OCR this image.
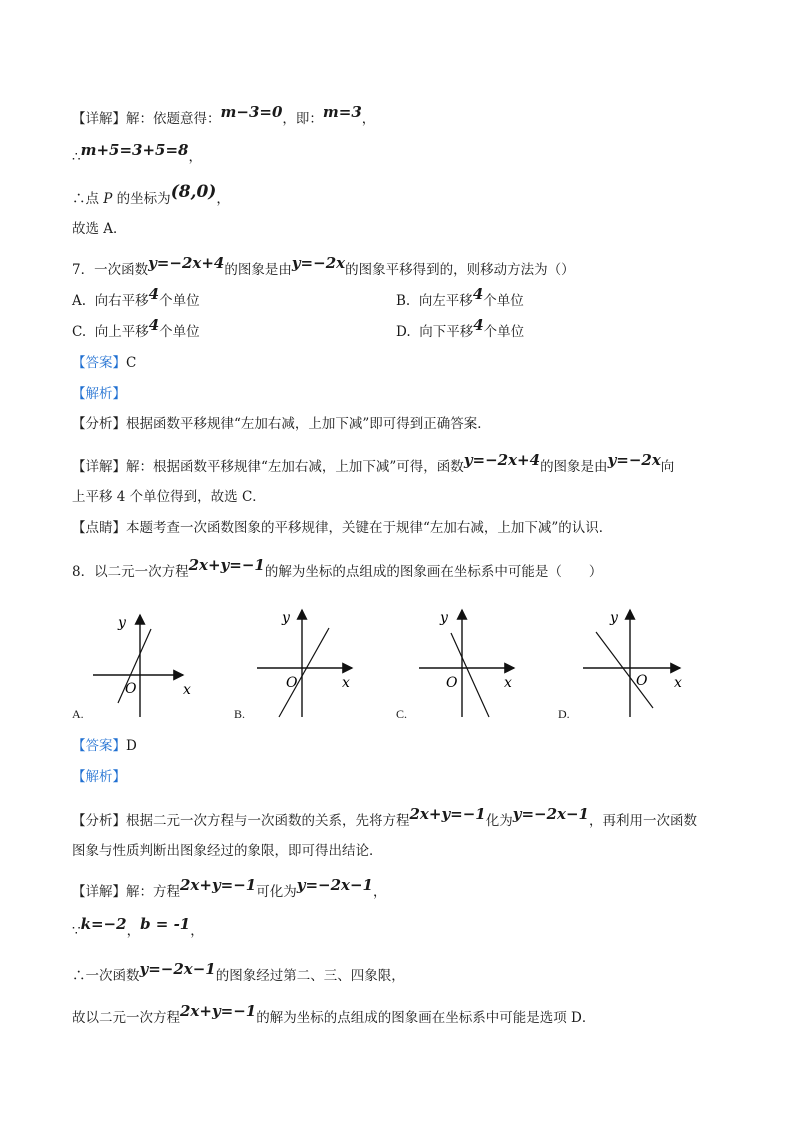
【详解】解：依题意得：m−3=0，即：m=3，
∴m+5=3+5=8，
∴点 P 的坐标为(8,0)，
故选 A．
7．一次函数y=−2x+4的图象是由y=−2x的图象平移得到的，则移动方法为（）
A. 向右平移4个单位	B. 向左平移4个单位
C. 向上平移4个单位	D. 向下平移4个单位
【答案】C
【解析】
【分析】根据函数平移规律“左加右减，上加下减”即可得到正确答案．
【详解】解：根据函数平移规律“左加右减，上加下减”可得，函数y=−2x+4的图象是由y=−2x向
上平移 4 个单位得到，故选 C．
【点睛】本题考查一次函数图象的平移规律，关键在于规律“左加右减，上加下减”的认识．
8．以二元一次方程2x+y=−1的解为坐标的点组成的图象画在坐标系中可能是（　　）
y
x
O
A.
y
x
O
B.
y
x
O
C.
y
x
O
D.
【答案】D
【解析】
【分析】根据二元一次方程与一次函数的关系，先将方程2x+y=−1化为y=−2x−1，再利用一次函数
图象与性质判断出图象经过的象限，即可得出结论．
【详解】解：方程2x+y=−1可化为y=−2x−1，
∵k=−2，b = -1，
∴一次函数y=−2x−1的图象经过第二、三、四象限，
故以二元一次方程2x+y=−1的解为坐标的点组成的图象画在坐标系中可能是选项 D．
